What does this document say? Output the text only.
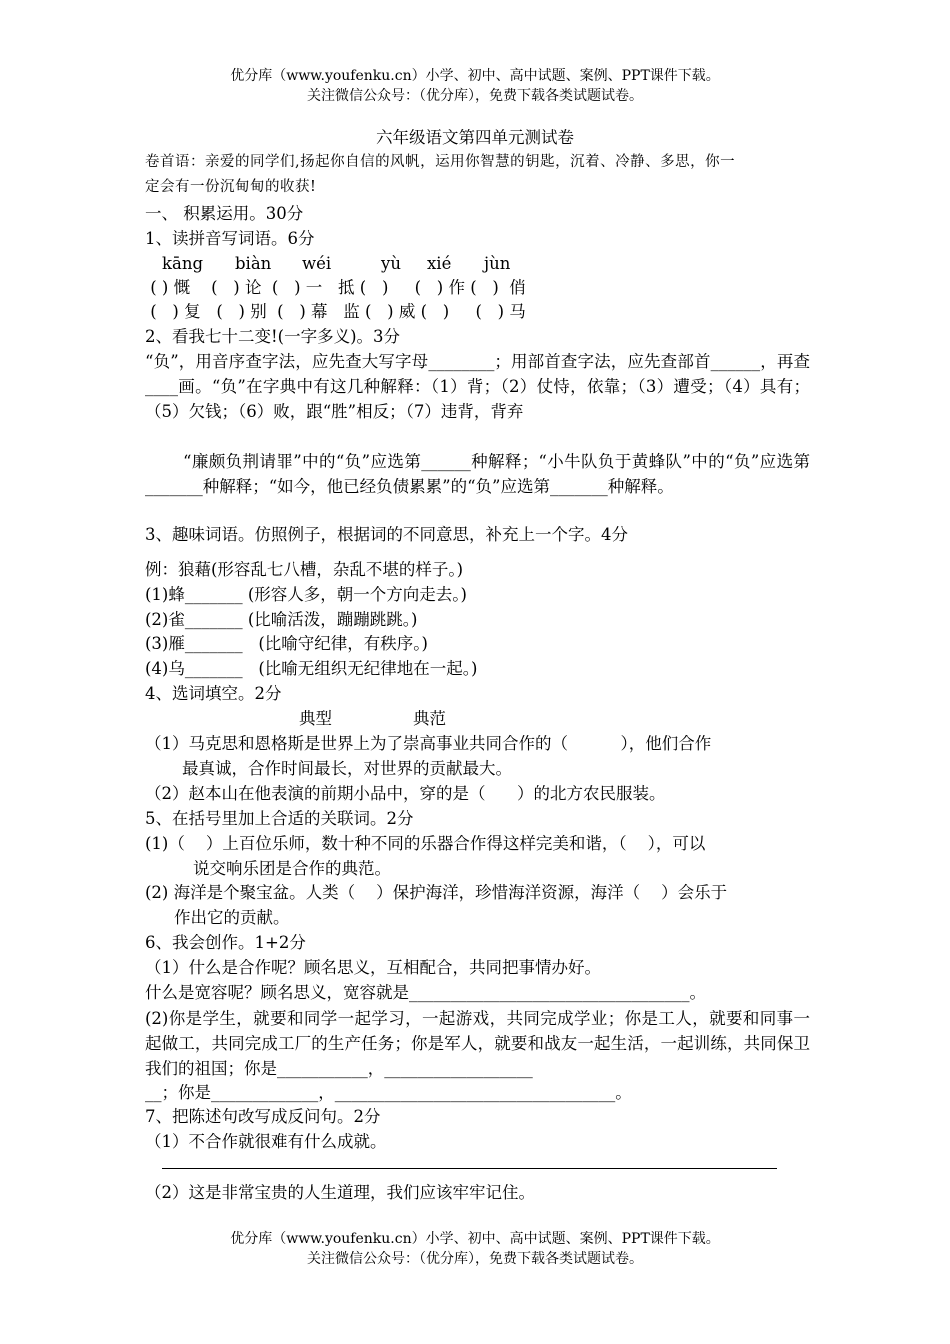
优分库（www.youfenku.cn）小学、初中、高中试题、案例、PPT课件下载。
关注微信公众号：（优分库），免费下载各类试题试卷。
六年级语文第四单元测试卷
卷首语：亲爱的同学们,扬起你自信的风帆，运用你智慧的钥匙，沉着、冷静、多思，你一
定会有一份沉甸甸的收获!
一、 积累运用。30分
1、读拼音写词语。6分
kāng biàn wéi	yù xié jùn
( ) 慨    (   ) 论  (   ) 一   抵 (   )     (   ) 作 (   )  俏
(   ) 复   (   ) 别  (   ) 幕   监 (   ) 威 (   )     (   ) 马
2、看我七十二变!(一字多义)。3分
“负”，用音序查字法，应先查大写字母________；用部首查字法，应先查部首______，再查____画。“负”在字典中有这几种解释：（1）背；（2）仗恃，依靠；（3）遭受；（4）具有；（5）欠钱；（6）败，跟“胜”相反；（7）违背，背弃
“廉颇负荆请罪”中的“负”应选第______种解释；“小牛队负于黄蜂队”中的“负”应选第_______种解释；“如今，他已经负债累累”的“负”应选第_______种解释。
3、趣味词语。仿照例子，根据词的不同意思，补充上一个字。4分
例：狼藉(形容乱七八槽，杂乱不堪的样子。)
(1)蜂_______ (形容人多，朝一个方向走去。)
(2)雀_______ (比喻活泼，蹦蹦跳跳。)
(3)雁_______   (比喻守纪律，有秩序。)
(4)乌_______   (比喻无组织无纪律地在一起。)
4、选词填空。2分
典型	典范
（1）马克思和恩格斯是世界上为了崇高事业共同合作的（          ），他们合作
最真诚，合作时间最长，对世界的贡献最大。
（2）赵本山在他表演的前期小品中，穿的是（      ）的北方农民服装。
5、在括号里加上合适的关联词。2分
(1)（    ）上百位乐师，数十种不同的乐器合作得这样完美和谐，（    ），可以
说交响乐团是合作的典范。
(2) 海洋是个聚宝盆。人类（    ）保护海洋，珍惜海洋资源，海洋（    ）会乐于
作出它的贡献。
6、我会创作。1+2分
（1）什么是合作呢？顾名思义，互相配合，共同把事情办好。
什么是宽容呢？顾名思义，宽容就是__________________________________。
(2)你是学生，就要和同学一起学习，一起游戏，共同完成学业；你是工人，就要和同事一起做工，共同完成工厂的生产任务；你是军人，就要和战友一起生活，一起训练，共同保卫我们的祖国；你是___________，__________________
__；你是_____________，__________________________________。
7、把陈述句改写成反问句。2分
（1）不合作就很难有什么成就。
（2）这是非常宝贵的人生道理，我们应该牢牢记住。
优分库（www.youfenku.cn）小学、初中、高中试题、案例、PPT课件下载。
关注微信公众号：（优分库），免费下载各类试题试卷。
